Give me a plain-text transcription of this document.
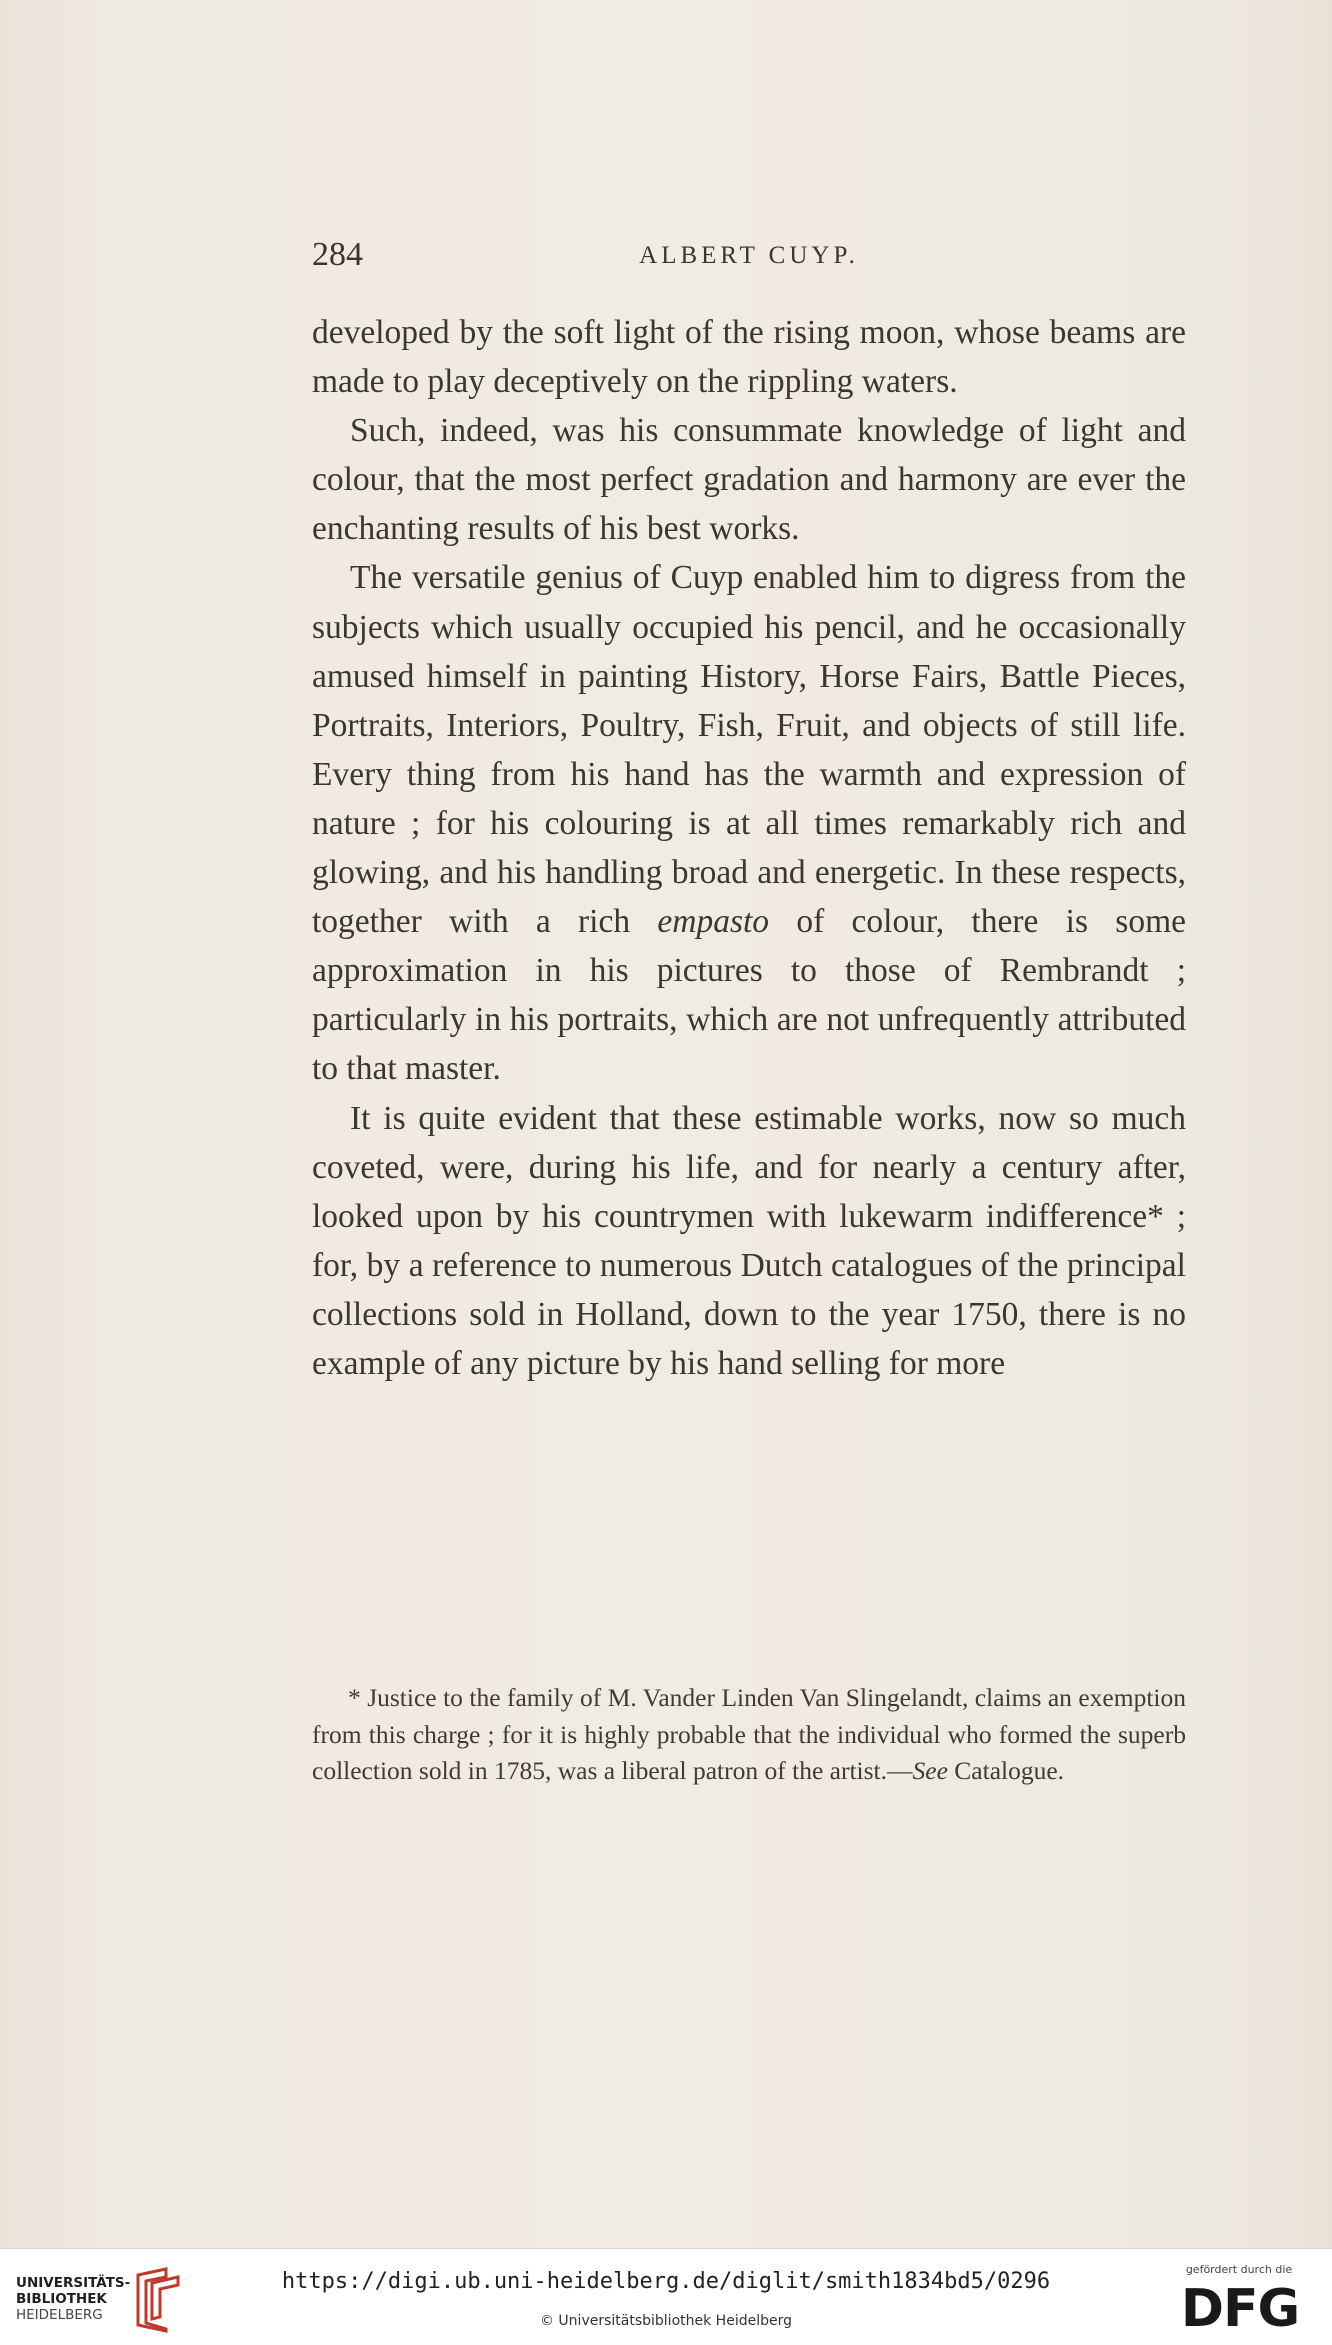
284	ALBERT CUYP.

developed by the soft light of the rising moon, whose beams are made to play deceptively on the rippling waters.

Such, indeed, was his consummate knowledge of light and colour, that the most perfect gradation and harmony are ever the enchanting results of his best works.

The versatile genius of Cuyp enabled him to digress from the subjects which usually occupied his pencil, and he occasionally amused himself in painting History, Horse Fairs, Battle Pieces, Portraits, Interiors, Poultry, Fish, Fruit, and objects of still life. Every thing from his hand has the warmth and expression of nature ; for his colouring is at all times remarkably rich and glowing, and his handling broad and energetic. In these respects, together with a rich empasto of colour, there is some approximation in his pictures to those of Rembrandt ; particularly in his portraits, which are not unfrequently attributed to that master.

It is quite evident that these estimable works, now so much coveted, were, during his life, and for nearly a century after, looked upon by his countrymen with lukewarm indifference* ; for, by a reference to numerous Dutch catalogues of the principal collections sold in Holland, down to the year 1750, there is no example of any picture by his hand selling for more

* Justice to the family of M. Vander Linden Van Slingelandt, claims an exemption from this charge ; for it is highly probable that the individual who formed the superb collection sold in 1785, was a liberal patron of the artist.—See Catalogue.
UNIVERSITÄTS-
BIBLIOTHEK
HEIDELBERG
https://digi.ub.uni-heidelberg.de/diglit/smith1834bd5/0296
© Universitätsbibliothek Heidelberg
gefördert durch die
DFG
